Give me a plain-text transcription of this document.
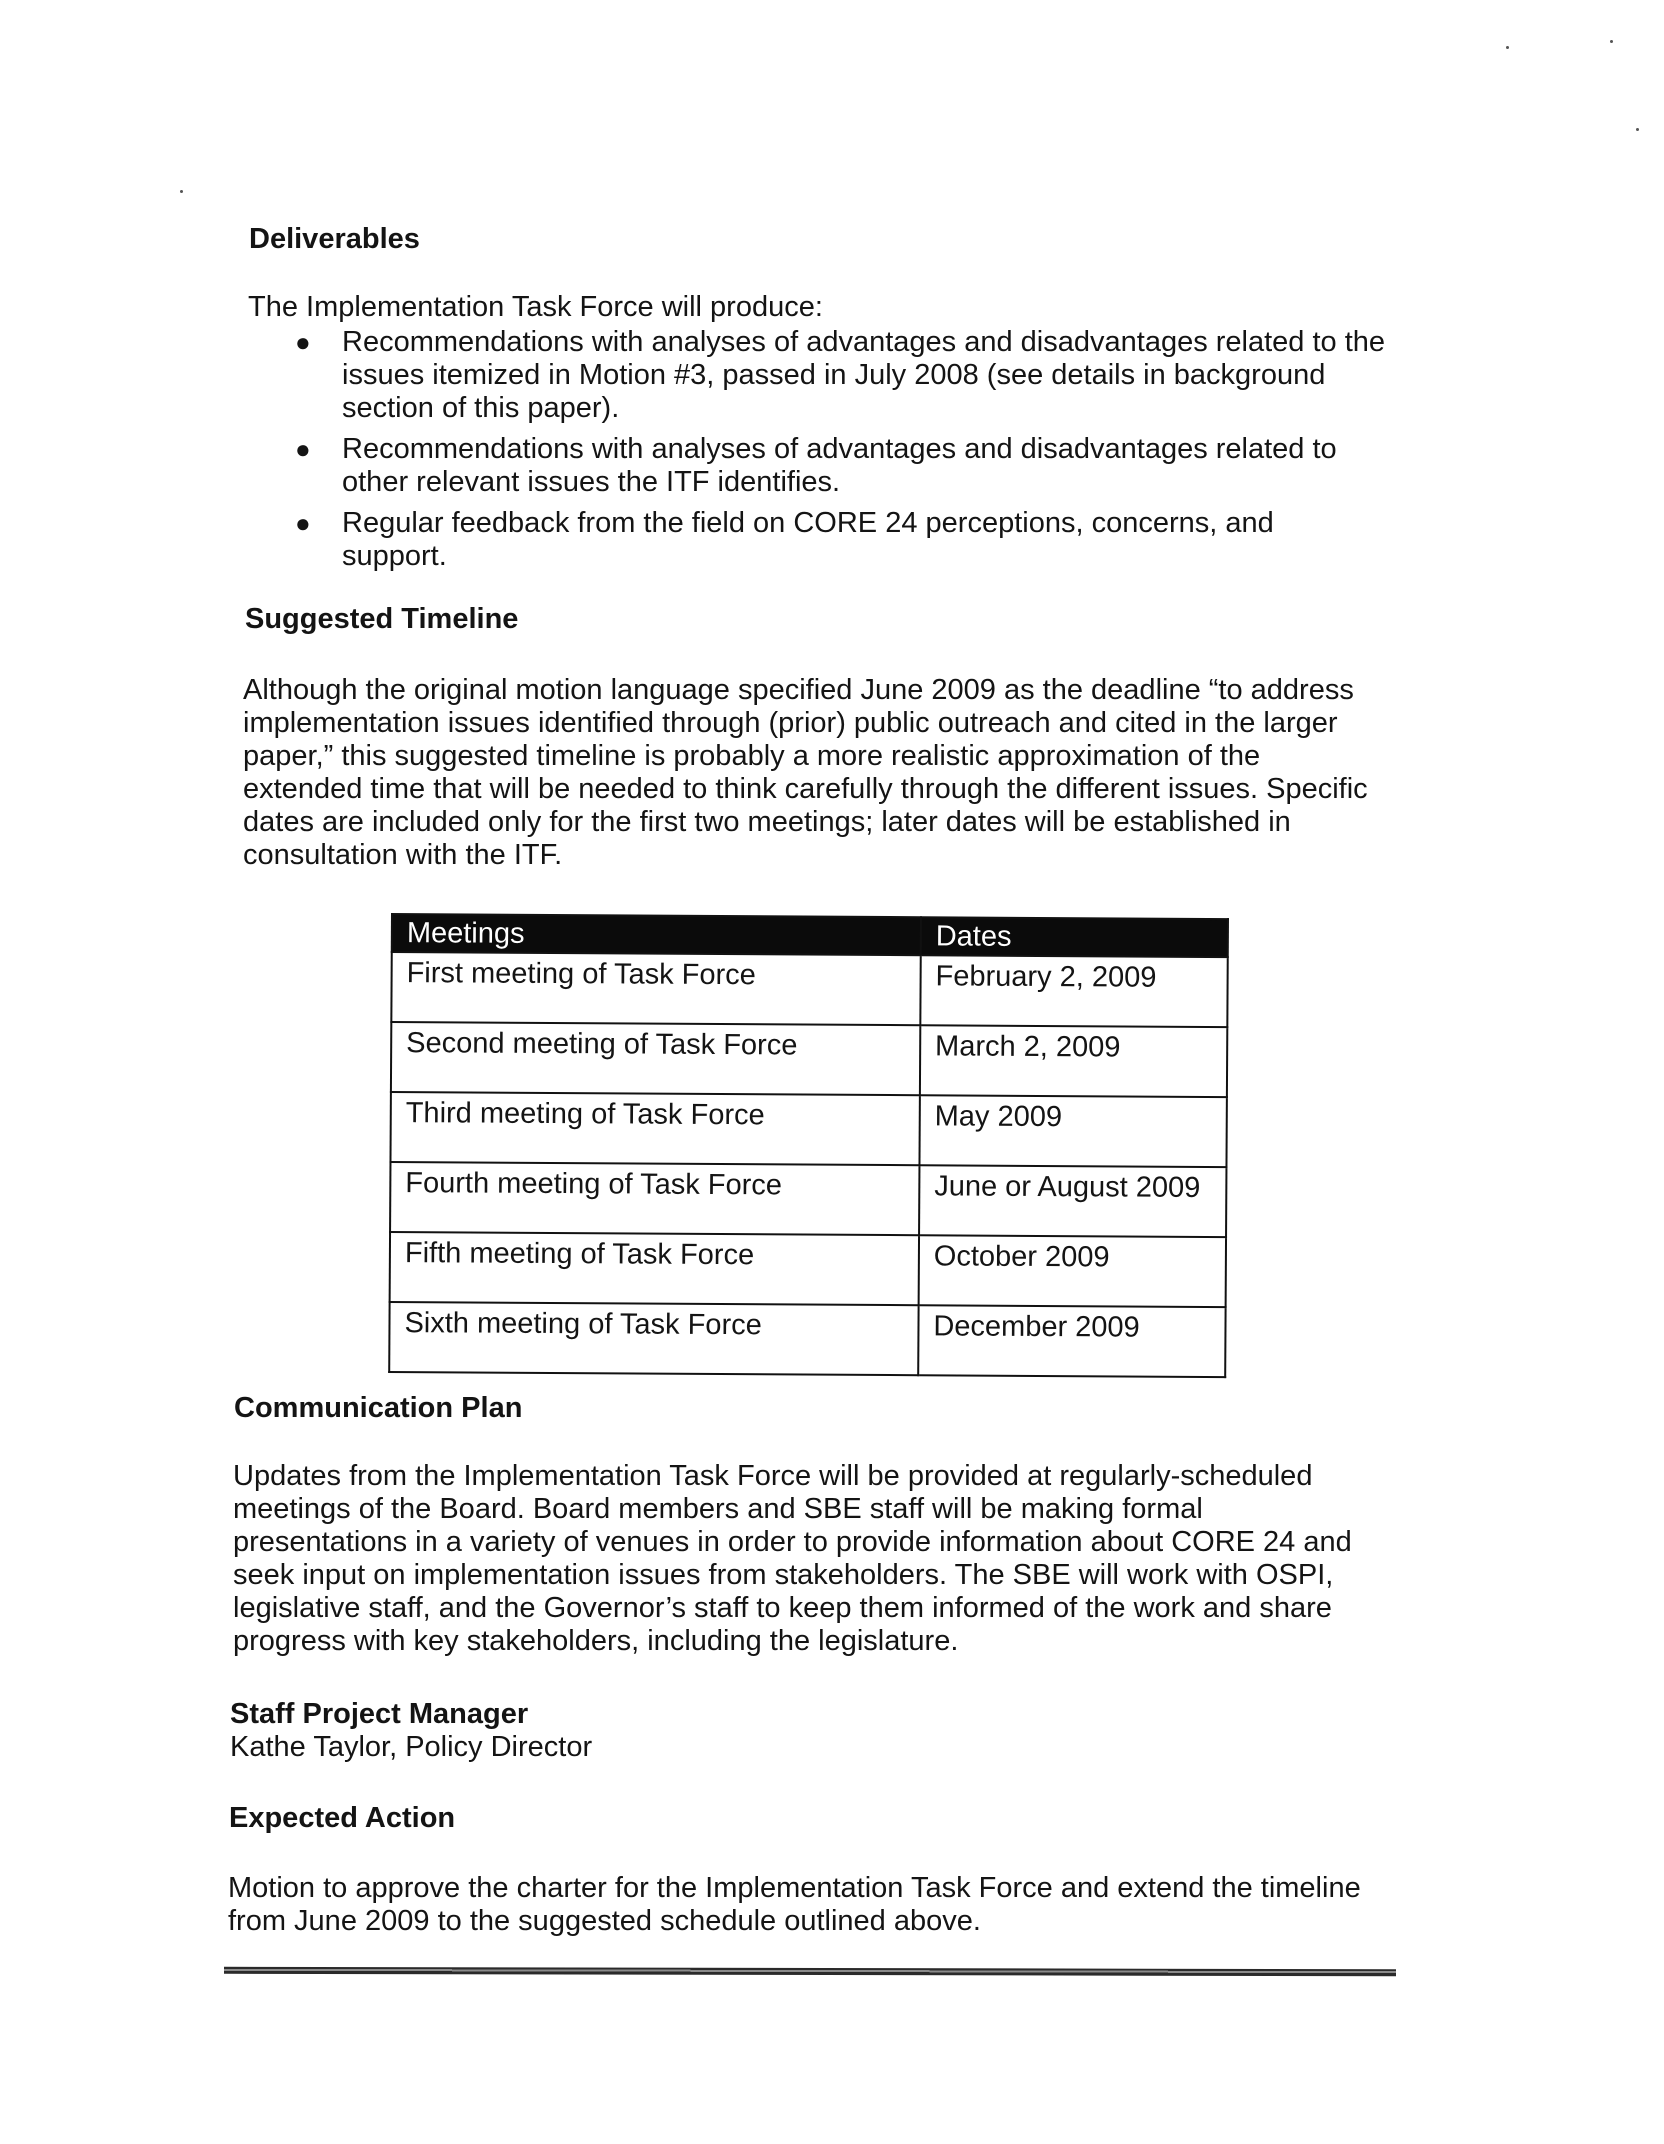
Deliverables

The Implementation Task Force will produce:

● Recommendations with analyses of advantages and disadvantages related to the
issues itemized in Motion #3, passed in July 2008 (see details in background
section of this paper).
● Recommendations with analyses of advantages and disadvantages related to
other relevant issues the ITF identifies.
● Regular feedback from the field on CORE 24 perceptions, concerns, and
support.
Suggested Timeline

Although the original motion language specified June 2009 as the deadline “to address
implementation issues identified through (prior) public outreach and cited in the larger
paper,” this suggested timeline is probably a more realistic approximation of the
extended time that will be needed to think carefully through the different issues. Specific
dates are included only for the first two meetings; later dates will be established in
consultation with the ITF.

Meetings	Dates
First meeting of Task Force	February 2, 2009
Second meeting of Task Force	March 2, 2009
Third meeting of Task Force	May 2009
Fourth meeting of Task Force	June or August 2009
Fifth meeting of Task Force	October 2009
Sixth meeting of Task Force	December 2009
Communication Plan

Updates from the Implementation Task Force will be provided at regularly-scheduled
meetings of the Board. Board members and SBE staff will be making formal
presentations in a variety of venues in order to provide information about CORE 24 and
seek input on implementation issues from stakeholders. The SBE will work with OSPI,
legislative staff, and the Governor’s staff to keep them informed of the work and share
progress with key stakeholders, including the legislature.

Staff Project Manager

Kathe Taylor, Policy Director

Expected Action

Motion to approve the charter for the Implementation Task Force and extend the timeline
from June 2009 to the suggested schedule outlined above.
